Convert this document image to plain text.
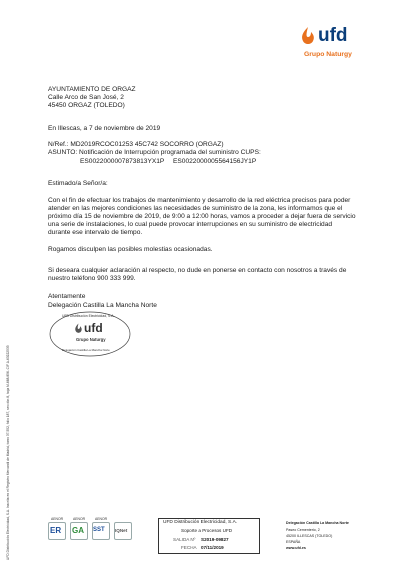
ufd
Grupo Naturgy
UFD Distribución Electricidad, S.A. Inscrita en el Registro Mercantil de Madrid, tomo 37.552, folio 187, sección 8, hoja M-668.856. CIF A-63222533
AYUNTAMIENTO DE ORGAZ
Calle Arco de San José, 2
45450 ORGAZ (TOLEDO)
En Illescas, a 7 de noviembre de 2019
N/Ref.: MD2019RCOC01253 45C742 SOCORRO (ORGAZ)
ASUNTO: Notificación de Interrupción programada del suministro CUPS:
ES0022000007873813YX1P ES0022000005564156JY1P
Estimado/a Señor/a:
Con el fin de efectuar los trabajos de mantenimiento y desarrollo de la red eléctrica precisos para poder
atender en las mejores condiciones las necesidades de suministro de la zona, les informamos que el
próximo día 15 de noviembre de 2019, de 9:00 a 12:00 horas, vamos a proceder a dejar fuera de servicio
una serie de instalaciones, lo cual puede provocar interrupciones en su suministro de electricidad
durante ese intervalo de tiempo.
Rogamos disculpen las posibles molestias ocasionadas.
Si deseara cualquier aclaración al respecto, no dude en ponerse en contacto con nosotros a través de
nuestro teléfono 900 333 999.
Atentamente
Delegación Castilla La Mancha Norte
UFD Distribución Electricidad, S.A.
ufd
Grupo Naturgy
Delegación Castilla La Mancha Norte
AENOR
ER
AENOR
GA
AENOR
SST IQNet
UFD Distribución Electricidad, S.A.
Soporte a Procesos UFD
SALIDA Nº S2019-09827
FECHA 07/11/2019
Delegación Castilla La Mancha Norte
Paseo Cementerio, 2
45200 ILLESCAS (TOLEDO)
ESPAÑA
www.ufd.es
